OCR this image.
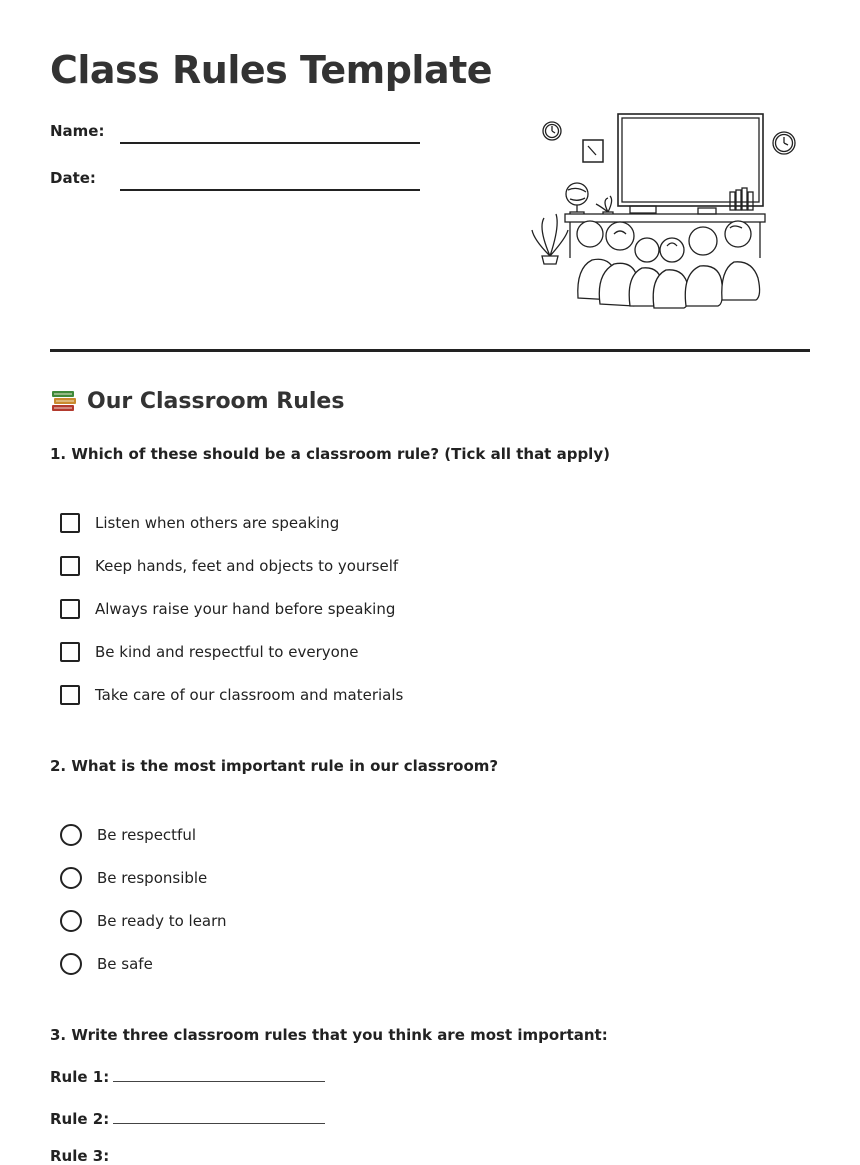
Class Rules Template
Name:
Date:
Our Classroom Rules
1. Which of these should be a classroom rule? (Tick all that apply)
Listen when others are speaking
Keep hands, feet and objects to yourself
Always raise your hand before speaking
Be kind and respectful to everyone
Take care of our classroom and materials
2. What is the most important rule in our classroom?
Be respectful
Be responsible
Be ready to learn
Be safe
3. Write three classroom rules that you think are most important:
Rule 1:
Rule 2:
Rule 3:
